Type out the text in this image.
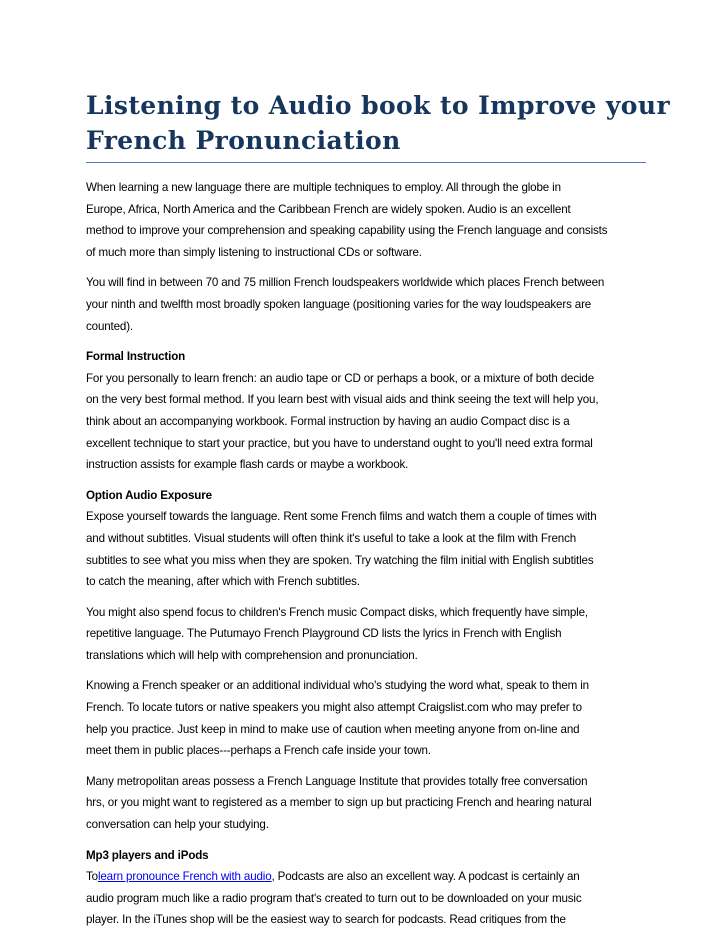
Listening to Audio book to Improve your
French Pronunciation

When learning a new language there are multiple techniques to employ. All through the globe in
Europe, Africa, North America and the Caribbean French are widely spoken. Audio is an excellent
method to improve your comprehension and speaking capability using the French language and consists
of much more than simply listening to instructional CDs or software.

You will find in between 70 and 75 million French loudspeakers worldwide which places French between
your ninth and twelfth most broadly spoken language (positioning varies for the way loudspeakers are
counted).

Formal Instruction

For you personally to learn french: an audio tape or CD or perhaps a book, or a mixture of both decide
on the very best formal method. If you learn best with visual aids and think seeing the text will help you,
think about an accompanying workbook. Formal instruction by having an audio Compact disc is a
excellent technique to start your practice, but you have to understand ought to you'll need extra formal
instruction assists for example flash cards or maybe a workbook.

Option Audio Exposure

Expose yourself towards the language. Rent some French films and watch them a couple of times with
and without subtitles. Visual students will often think it's useful to take a look at the film with French
subtitles to see what you miss when they are spoken. Try watching the film initial with English subtitles
to catch the meaning, after which with French subtitles.

You might also spend focus to children's French music Compact disks, which frequently have simple,
repetitive language. The Putumayo French Playground CD lists the lyrics in French with English
translations which will help with comprehension and pronunciation.

Knowing a French speaker or an additional individual who's studying the word what, speak to them in
French. To locate tutors or native speakers you might also attempt Craigslist.com who may prefer to
help you practice. Just keep in mind to make use of caution when meeting anyone from on-line and
meet them in public places---perhaps a French cafe inside your town.

Many metropolitan areas possess a French Language Institute that provides totally free conversation
hrs, or you might want to registered as a member to sign up but practicing French and hearing natural
conversation can help your studying.

Mp3 players and iPods

Tolearn pronounce French with audio, Podcasts are also an excellent way. A podcast is certainly an
audio program much like a radio program that's created to turn out to be downloaded on your music
player. In the iTunes shop will be the easiest way to search for podcasts. Read critiques from the
